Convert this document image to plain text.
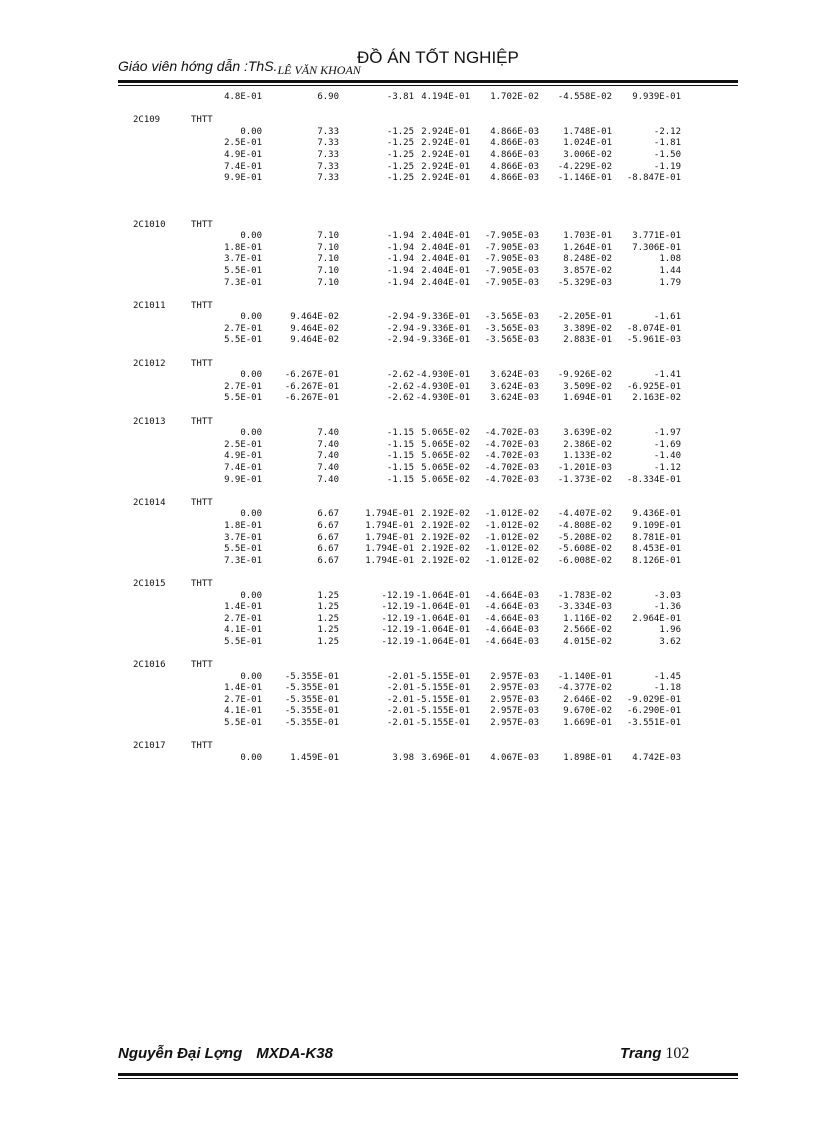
Giáo viên hớng dẫn :ThS.LÊ VĂN KHOAN
ĐỒ ÁN TỐT NGHIỆP
4.8E-01	6.90	-3.81 4.194E-01 1.702E-02 -4.558E-02 9.939E-01
2C109	THTT
0.00	7.33	-1.25 2.924E-01 4.866E-03	1.748E-01	-2.12
2.5E-01	7.33	-1.25 2.924E-01 4.866E-03	1.024E-01	-1.81
4.9E-01	7.33	-1.25 2.924E-01 4.866E-03	3.006E-02	-1.50
7.4E-01	7.33	-1.25 2.924E-01 4.866E-03 -4.229E-02	-1.19
9.9E-01	7.33	-1.25 2.924E-01 4.866E-03 -1.146E-01 -8.847E-01
2C1010	THTT
0.00	7.10	-1.94 2.404E-01 -7.905E-03	1.703E-01 3.771E-01
1.8E-01	7.10	-1.94 2.404E-01 -7.905E-03	1.264E-01 7.306E-01
3.7E-01	7.10	-1.94 2.404E-01 -7.905E-03	8.248E-02	1.08
5.5E-01	7.10	-1.94 2.404E-01 -7.905E-03	3.857E-02	1.44
7.3E-01	7.10	-1.94 2.404E-01 -7.905E-03 -5.329E-03	1.79
2C1011	THTT
0.00	9.464E-02	-2.94 -9.336E-01 -3.565E-03 -2.205E-01	-1.61
2.7E-01	9.464E-02	-2.94 -9.336E-01 -3.565E-03	3.389E-02 -8.074E-01
5.5E-01	9.464E-02	-2.94 -9.336E-01 -3.565E-03	2.883E-01 -5.961E-03
2C1012	THTT
0.00	-6.267E-01	-2.62 -4.930E-01 3.624E-03 -9.926E-02	-1.41
2.7E-01	-6.267E-01	-2.62 -4.930E-01 3.624E-03	3.509E-02 -6.925E-01
5.5E-01	-6.267E-01	-2.62 -4.930E-01 3.624E-03	1.694E-01 2.163E-02
2C1013	THTT
0.00	7.40	-1.15 5.065E-02 -4.702E-03	3.639E-02	-1.97
2.5E-01	7.40	-1.15 5.065E-02 -4.702E-03	2.386E-02	-1.69
4.9E-01	7.40	-1.15 5.065E-02 -4.702E-03	1.133E-02	-1.40
7.4E-01	7.40	-1.15 5.065E-02 -4.702E-03 -1.201E-03	-1.12
9.9E-01	7.40	-1.15 5.065E-02 -4.702E-03 -1.373E-02 -8.334E-01
2C1014	THTT
0.00	6.67	1.794E-01 2.192E-02 -1.012E-02 -4.407E-02 9.436E-01
1.8E-01	6.67	1.794E-01 2.192E-02 -1.012E-02 -4.808E-02 9.109E-01
3.7E-01	6.67	1.794E-01 2.192E-02 -1.012E-02 -5.208E-02 8.781E-01
5.5E-01	6.67	1.794E-01 2.192E-02 -1.012E-02 -5.608E-02 8.453E-01
7.3E-01	6.67	1.794E-01 2.192E-02 -1.012E-02 -6.008E-02 8.126E-01
2C1015	THTT
0.00	1.25	-12.19 -1.064E-01 -4.664E-03 -1.783E-02	-3.03
1.4E-01	1.25	-12.19 -1.064E-01 -4.664E-03 -3.334E-03	-1.36
2.7E-01	1.25	-12.19 -1.064E-01 -4.664E-03	1.116E-02 2.964E-01
4.1E-01	1.25	-12.19 -1.064E-01 -4.664E-03	2.566E-02	1.96
5.5E-01	1.25	-12.19 -1.064E-01 -4.664E-03	4.015E-02	3.62
2C1016	THTT
0.00	-5.355E-01	-2.01 -5.155E-01 2.957E-03 -1.140E-01	-1.45
1.4E-01	-5.355E-01	-2.01 -5.155E-01 2.957E-03 -4.377E-02	-1.18
2.7E-01	-5.355E-01	-2.01 -5.155E-01 2.957E-03	2.646E-02 -9.029E-01
4.1E-01	-5.355E-01	-2.01 -5.155E-01 2.957E-03	9.670E-02 -6.290E-01
5.5E-01	-5.355E-01	-2.01 -5.155E-01 2.957E-03	1.669E-01 -3.551E-01
2C1017	THTT
0.00	1.459E-01	3.98 3.696E-01 4.067E-03	1.898E-01 4.742E-03
Nguyễn Đại Lợng MXDA-K38	Trang 102
